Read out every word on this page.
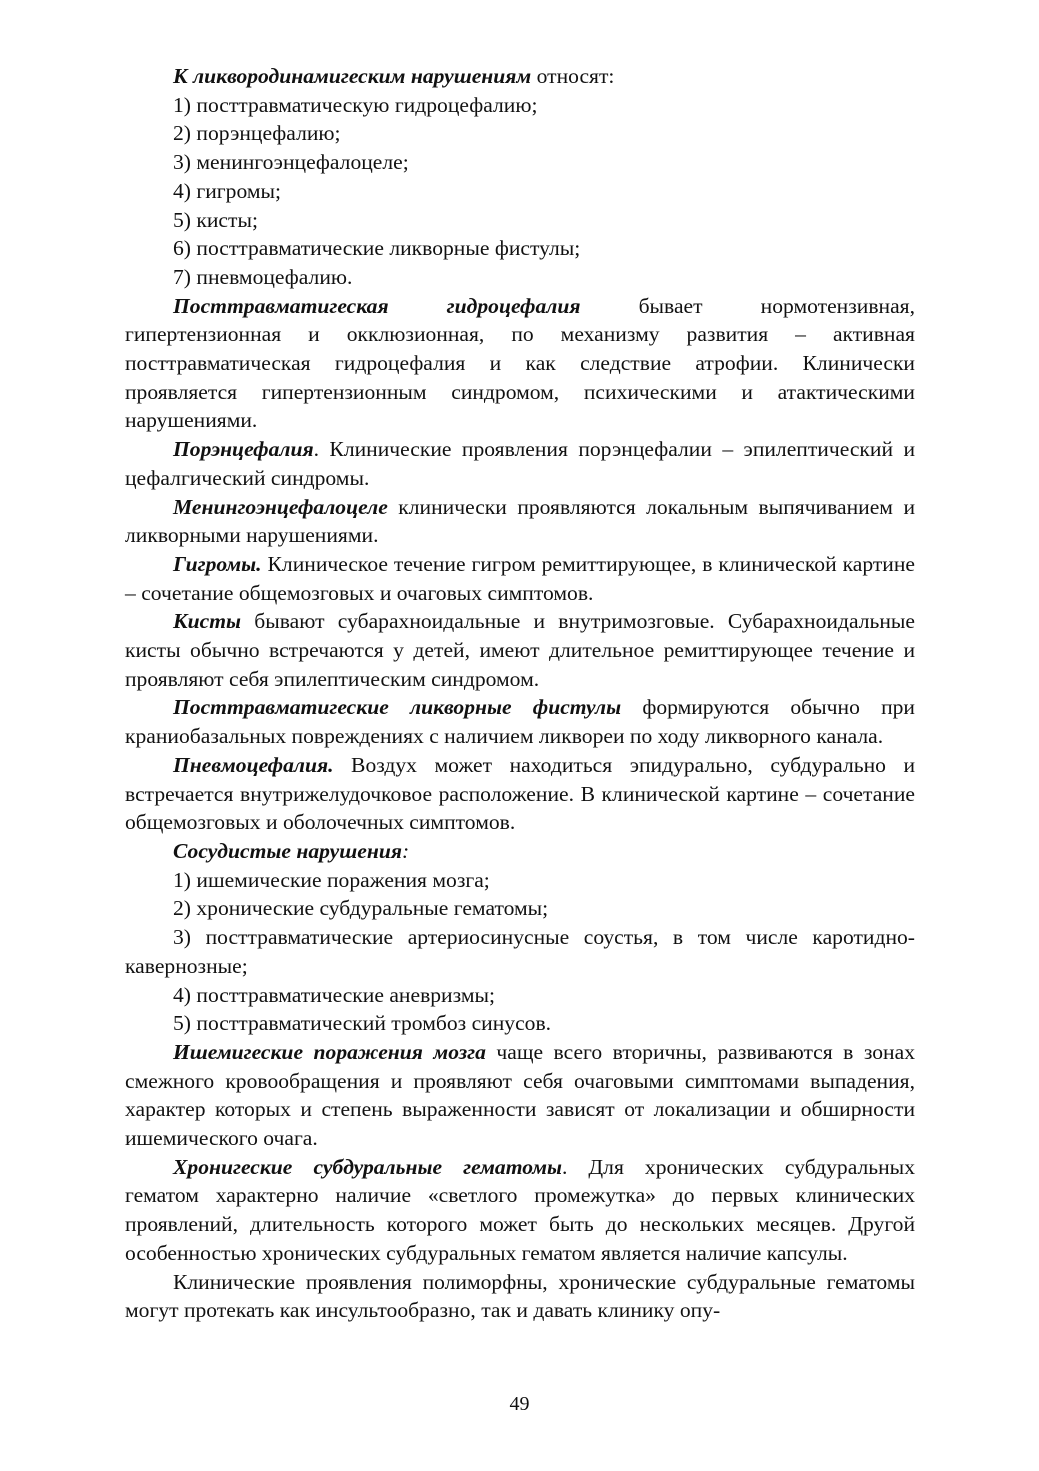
К ликвородинамигеским нарушениям относят:

1) посттравматическую гидроцефалию;

2) порэнцефалию;

3) менингоэнцефалоцеле;

4) гигромы;

5) кисты;

6) посттравматические ликворные фистулы;

7) пневмоцефалию.

Посттравматигеская гидроцефалия бывает нормотензивная, гипертензионная и окклюзионная, по механизму развития – активная посттравматическая гидроцефалия и как следствие атрофии. Клинически проявляется гипертензионным синдромом, психическими и атактическими нарушениями.

Порэнцефалия. Клинические проявления порэнцефалии – эпилептический и цефалгический синдромы.

Менингоэнцефалоцеле клинически проявляются локальным выпячиванием и ликворными нарушениями.

Гигромы. Клиническое течение гигром ремиттирующее, в клинической картине – сочетание общемозговых и очаговых симптомов.

Кисты бывают субарахноидальные и внутримозговые. Субарахноидальные кисты обычно встречаются у детей, имеют длительное ремиттирующее течение и проявляют себя эпилептическим синдромом.

Посттравматигеские ликворные фистулы формируются обычно при краниобазальных повреждениях с наличием ликвореи по ходу ликворного канала.

Пневмоцефалия. Воздух может находиться эпидурально, субдурально и встречается внутрижелудочковое расположение. В клинической картине – сочетание общемозговых и оболочечных симптомов.

Сосудистые нарушения:

1) ишемические поражения мозга;

2) хронические субдуральные гематомы;

3) посттравматические артериосинусные соустья, в том числе каротидно-кавернозные;

4) посттравматические аневризмы;

5) посттравматический тромбоз синусов.

Ишемигеские поражения мозга чаще всего вторичны, развиваются в зонах смежного кровообращения и проявляют себя очаговыми симптомами выпадения, характер которых и степень выраженности зависят от локализации и обширности ишемического очага.

Хронигеские субдуральные гематомы. Для хронических субдуральных гематом характерно наличие «светлого промежутка» до первых клинических проявлений, длительность которого может быть до нескольких месяцев. Другой особенностью хронических субдуральных гематом является наличие капсулы.

Клинические проявления полиморфны, хронические субдуральные гематомы могут протекать как инсультообразно, так и давать клинику опу-

49
